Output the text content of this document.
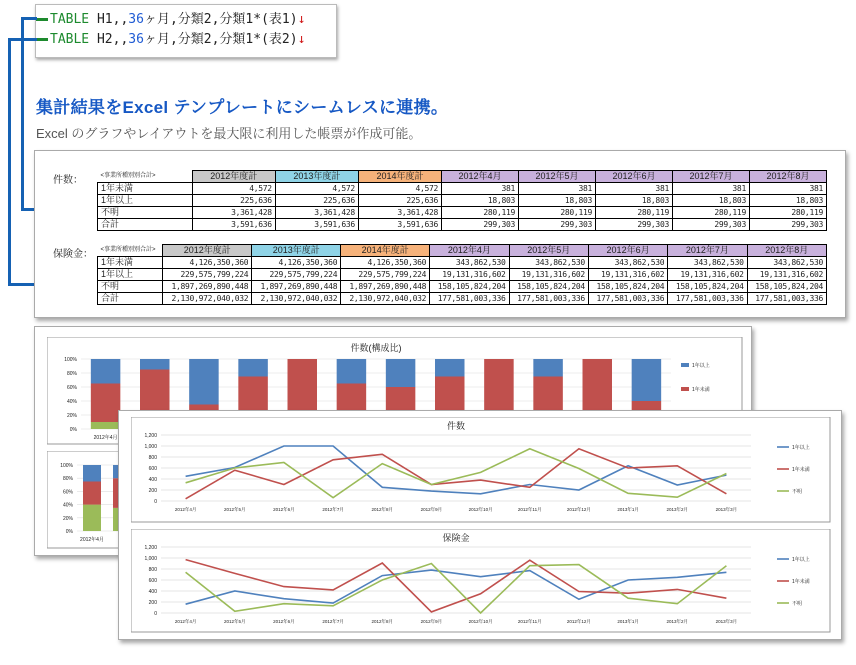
TABLE H1,,36ヶ月,分類2,分類1*(表1)↓
TABLE H2,,36ヶ月,分類2,分類1*(表2)↓
集計結果をExcel テンプレートにシームレスに連携。
Excel のグラフやレイアウトを最大限に利用した帳票が作成可能。
件数：	<事業所種別別合計>	2012年度計	2013年度計	2014年度計	2012年4月	2012年5月	2012年6月	2012年7月	2012年8月
1年未満	4,572	4,572	4,572	381	381	381	381	381
1年以上	225,636	225,636	225,636	18,803	18,803	18,803	18,803	18,803
不明	3,361,428	3,361,428	3,361,428	280,119	280,119	280,119	280,119	280,119
合計	3,591,636	3,591,636	3,591,636	299,303	299,303	299,303	299,303	299,303
保険金： <事業所種別別合計>	2012年度計	2013年度計	2014年度計	2012年4月	2012年5月	2012年6月	2012年7月	2012年8月
1年未満	4,126,350,360	4,126,350,360	4,126,350,360	343,862,530	343,862,530	343,862,530	343,862,530	343,862,530
1年以上	229,575,799,224	229,575,799,224	229,575,799,224	19,131,316,602	19,131,316,602	19,131,316,602	19,131,316,602	19,131,316,602
不明	1,897,269,890,448	1,897,269,890,448	1,897,269,890,448	158,105,824,204	158,105,824,204	158,105,824,204	158,105,824,204	158,105,824,204
合計	2,130,972,040,032	2,130,972,040,032	2,130,972,040,032	177,581,003,336	177,581,003,336	177,581,003,336	177,581,003,336	177,581,003,336
件数(構成比)
100%
80%
60%
40%
20%
0%
2012年4月
1年以上
1年未満
100%
80%
60%
40%
20%
0%
2012年4月
件数
1,200
1,000
800
600
400
200
0
2012年4月	2012年5月	2012年6月	2012年7月	2012年8月	2012年9月	2012年10月	2012年11月	2012年12月	2013年1月	2013年2月	2013年3月
1年以上
1年未満
不明
保険金
1,200
1,000
800
600
400
200
0
2012年4月	2012年5月	2012年6月	2012年7月	2012年8月	2012年9月	2012年10月	2012年11月	2012年12月	2013年1月	2013年2月	2013年3月
1年以上
1年未満
不明
